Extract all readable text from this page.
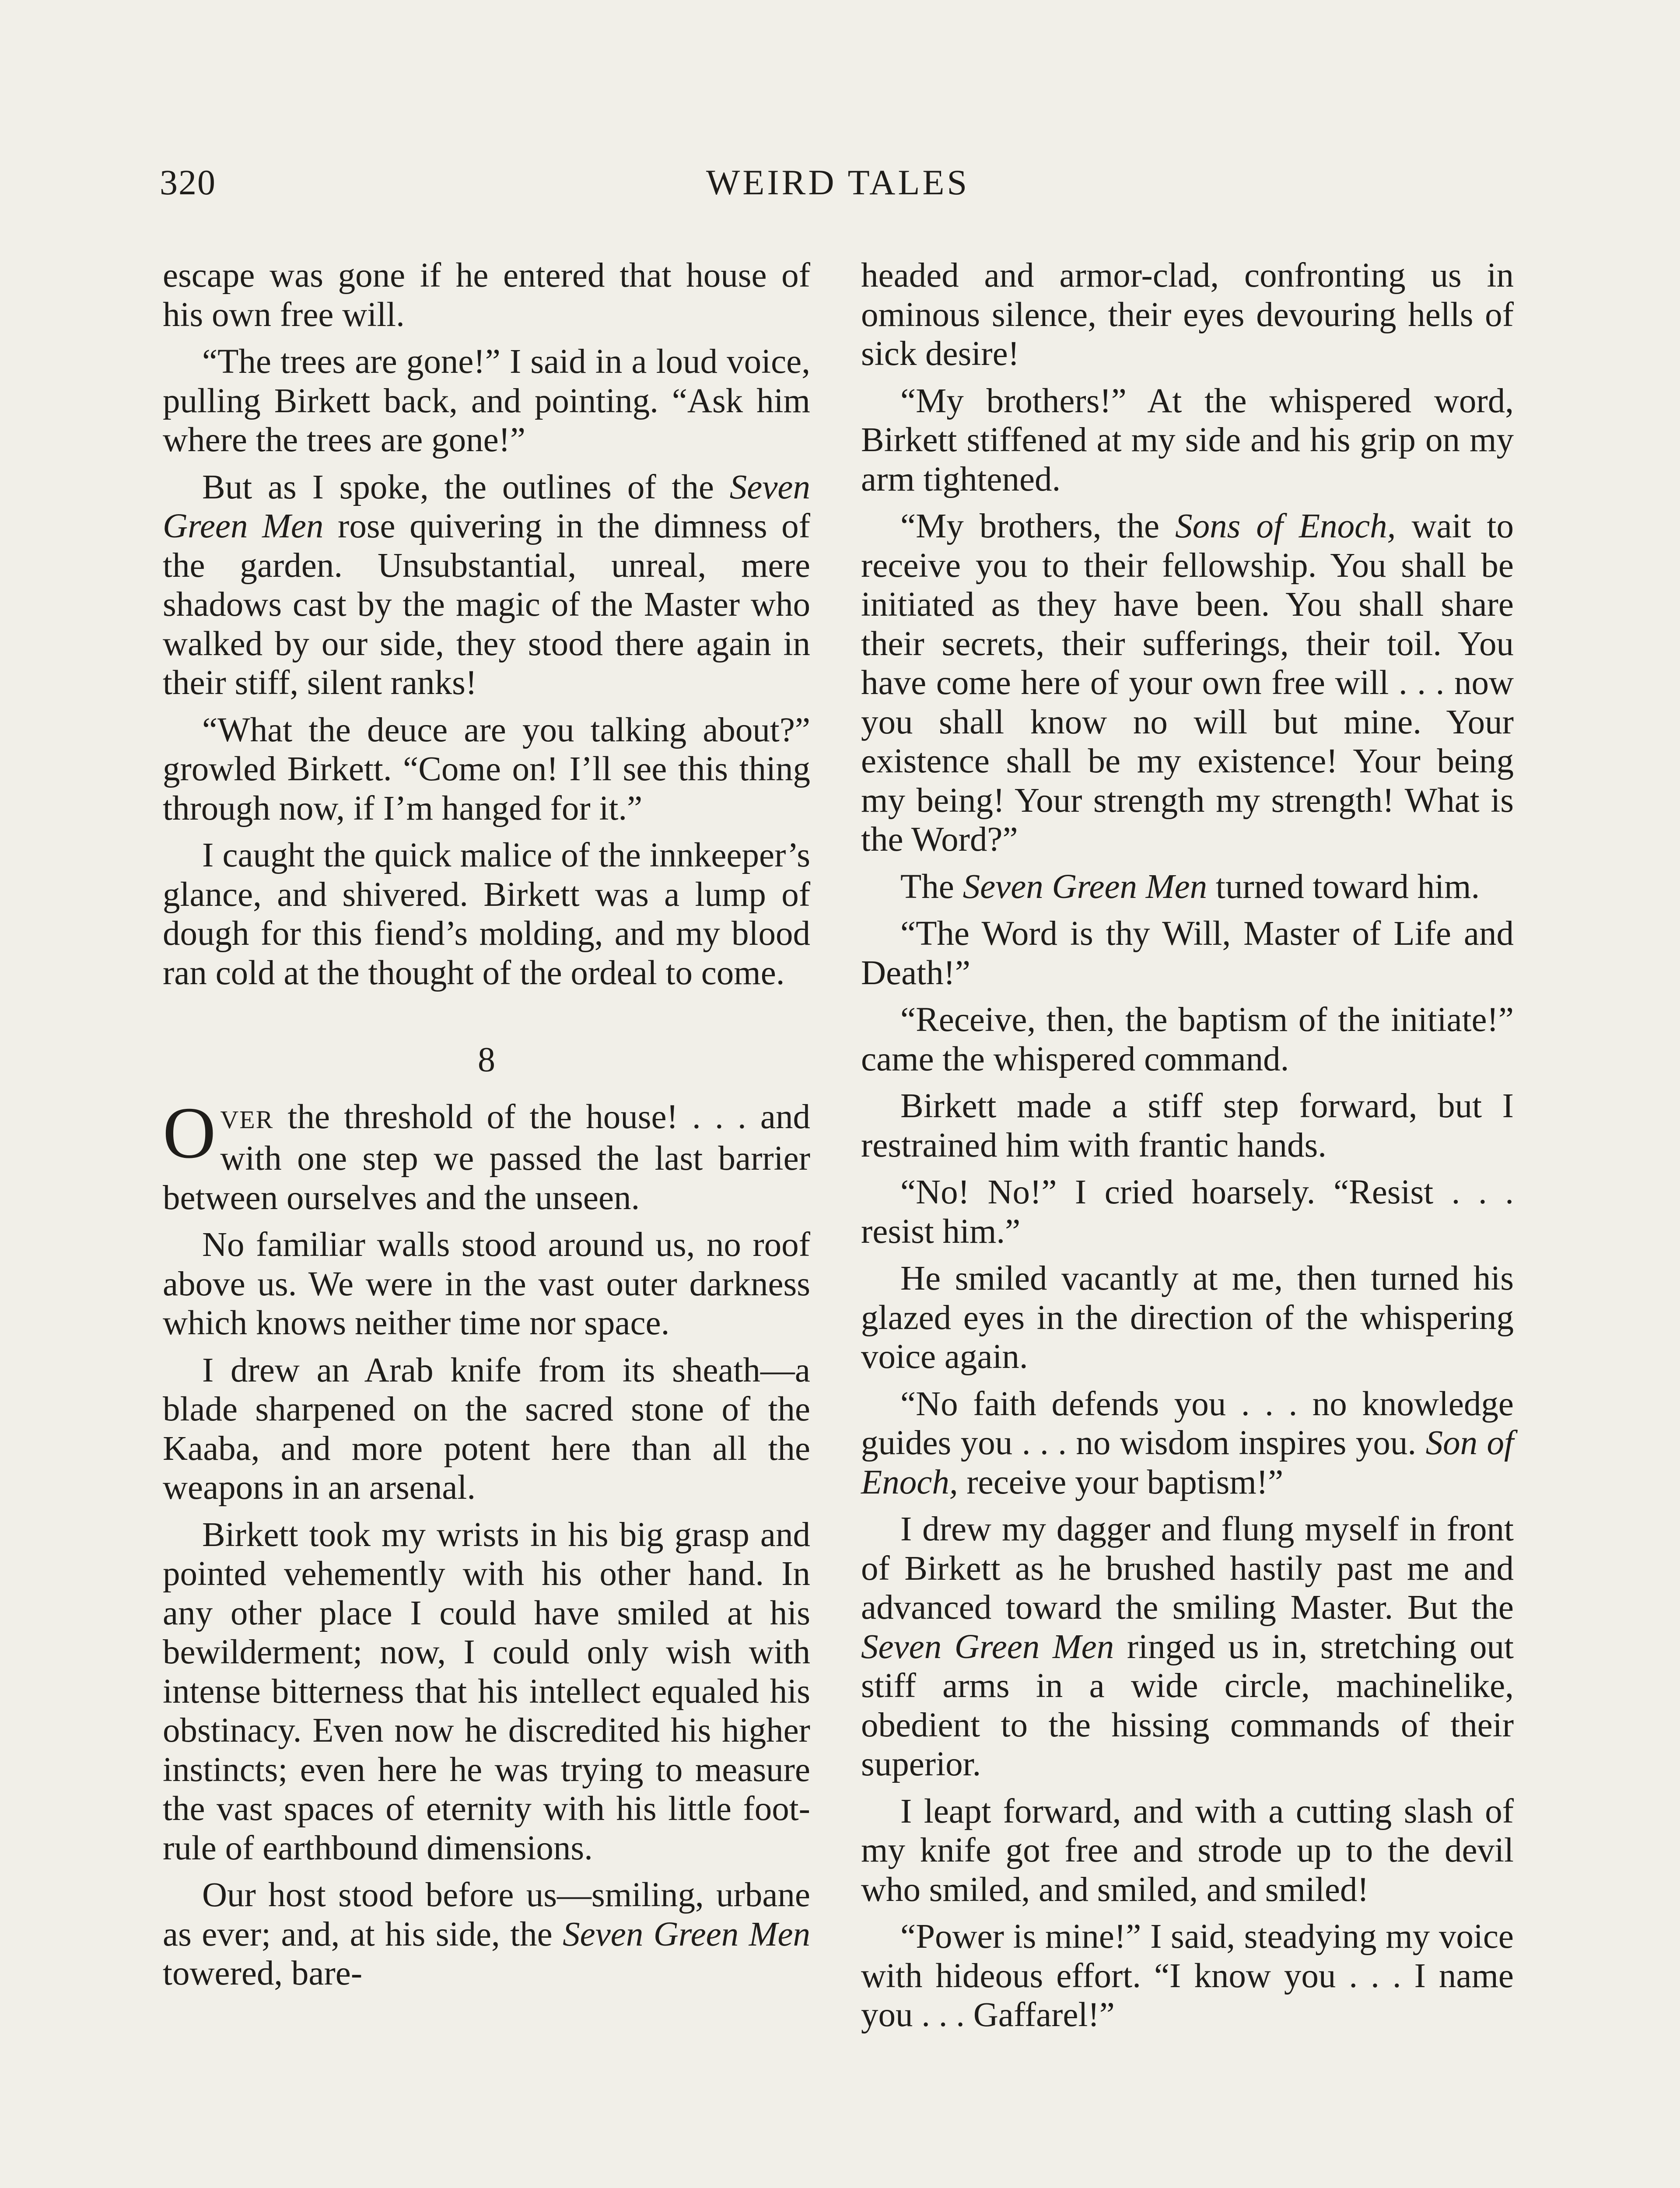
320	WEIRD TALES

escape was gone if he entered that house of his own free will.

“The trees are gone!” I said in a loud voice, pulling Birkett back, and pointing. “Ask him where the trees are gone!”

But as I spoke, the outlines of the Seven Green Men rose quivering in the dimness of the garden. Unsubstantial, unreal, mere shadows cast by the magic of the Master who walked by our side, they stood there again in their stiff, silent ranks!

“What the deuce are you talking about?” growled Birkett. “Come on! I’ll see this thing through now, if I’m hanged for it.”

I caught the quick malice of the innkeeper’s glance, and shivered. Birkett was a lump of dough for this fiend’s molding, and my blood ran cold at the thought of the ordeal to come.

8

OVER the threshold of the house! . . . and with one step we passed the last barrier between ourselves and the unseen.

No familiar walls stood around us, no roof above us. We were in the vast outer darkness which knows neither time nor space.

I drew an Arab knife from its sheath—a blade sharpened on the sacred stone of the Kaaba, and more potent here than all the weapons in an arsenal.

Birkett took my wrists in his big grasp and pointed vehemently with his other hand. In any other place I could have smiled at his bewilderment; now, I could only wish with intense bitterness that his intellect equaled his obstinacy. Even now he discredited his higher instincts; even here he was trying to measure the vast spaces of eternity with his little foot-rule of earthbound dimensions.

Our host stood before us—smiling, urbane as ever; and, at his side, the Seven Green Men towered, bare-

headed and armor-clad, confronting us in ominous silence, their eyes devouring hells of sick desire!

“My brothers!” At the whispered word, Birkett stiffened at my side and his grip on my arm tightened.

“My brothers, the Sons of Enoch, wait to receive you to their fellowship. You shall be initiated as they have been. You shall share their secrets, their sufferings, their toil. You have come here of your own free will . . . now you shall know no will but mine. Your existence shall be my existence! Your being my being! Your strength my strength! What is the Word?”

The Seven Green Men turned toward him.

“The Word is thy Will, Master of Life and Death!”

“Receive, then, the baptism of the initiate!” came the whispered command.

Birkett made a stiff step forward, but I restrained him with frantic hands.

“No! No!” I cried hoarsely. “Resist . . . resist him.”

He smiled vacantly at me, then turned his glazed eyes in the direction of the whispering voice again.

“No faith defends you . . . no knowledge guides you . . . no wisdom inspires you. Son of Enoch, receive your baptism!”

I drew my dagger and flung myself in front of Birkett as he brushed hastily past me and advanced toward the smiling Master. But the Seven Green Men ringed us in, stretching out stiff arms in a wide circle, machinelike, obedient to the hissing commands of their superior.

I leapt forward, and with a cutting slash of my knife got free and strode up to the devil who smiled, and smiled, and smiled!

“Power is mine!” I said, steadying my voice with hideous effort. “I know you . . . I name you . . . Gaffarel!”
